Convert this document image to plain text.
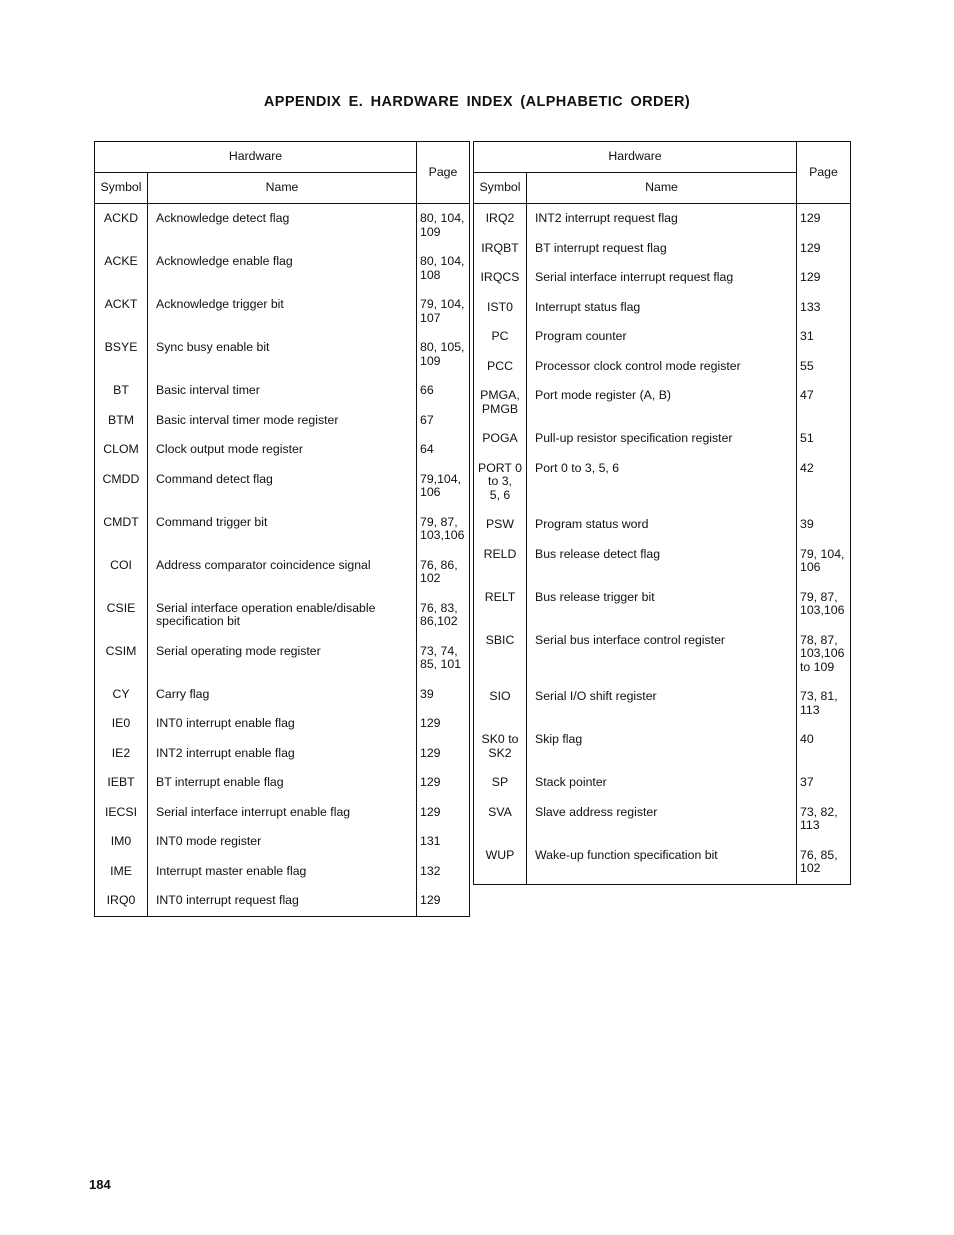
APPENDIX E. HARDWARE INDEX (ALPHABETIC ORDER)
Hardware		Page
Symbol	Name	
ACKD	Acknowledge detect flag	80, 104,
109
ACKE	Acknowledge enable flag	80, 104,
108
ACKT	Acknowledge trigger bit	79, 104,
107
BSYE	Sync busy enable bit	80, 105,
109
BT	Basic interval timer	66
BTM	Basic interval timer mode register	67
CLOM	Clock output mode register	64
CMDD	Command detect flag	79,104,
106
CMDT	Command trigger bit	79, 87,
103,106
COI	Address comparator coincidence signal	76, 86,
102
CSIE	Serial interface operation enable/disable
specification bit	76, 83,
86,102
CSIM	Serial operating mode register	73, 74,
85, 101
CY	Carry flag	39
IE0	INT0 interrupt enable flag	129
IE2	INT2 interrupt enable flag	129
IEBT	BT interrupt enable flag	129
IECSI	Serial interface interrupt enable flag	129
IM0	INT0 mode register	131
IME	Interrupt master enable flag	132
IRQ0	INT0 interrupt request flag	129
Hardware		Page
Symbol	Name	
IRQ2	INT2 interrupt request flag	129
IRQBT	BT interrupt request flag	129
IRQCS	Serial interface interrupt request flag	129
IST0	Interrupt status flag	133
PC	Program counter	31
PCC	Processor clock control mode register	55
PMGA,
PMGB	Port mode register (A, B)	47
POGA	Pull-up resistor specification register	51
PORT 0
to 3,
5, 6	Port 0 to 3, 5, 6	42
PSW	Program status word	39
RELD	Bus release detect flag	79, 104,
106
RELT	Bus release trigger bit	79, 87,
103,106
SBIC	Serial bus interface control register	78, 87,
103,106
to 109
SIO	Serial I/O shift register	73, 81,
113
SK0 to
SK2	Skip flag	40
SP	Stack pointer	37
SVA	Slave address register	73, 82,
113
WUP	Wake-up function specification bit	76, 85,
102
184
